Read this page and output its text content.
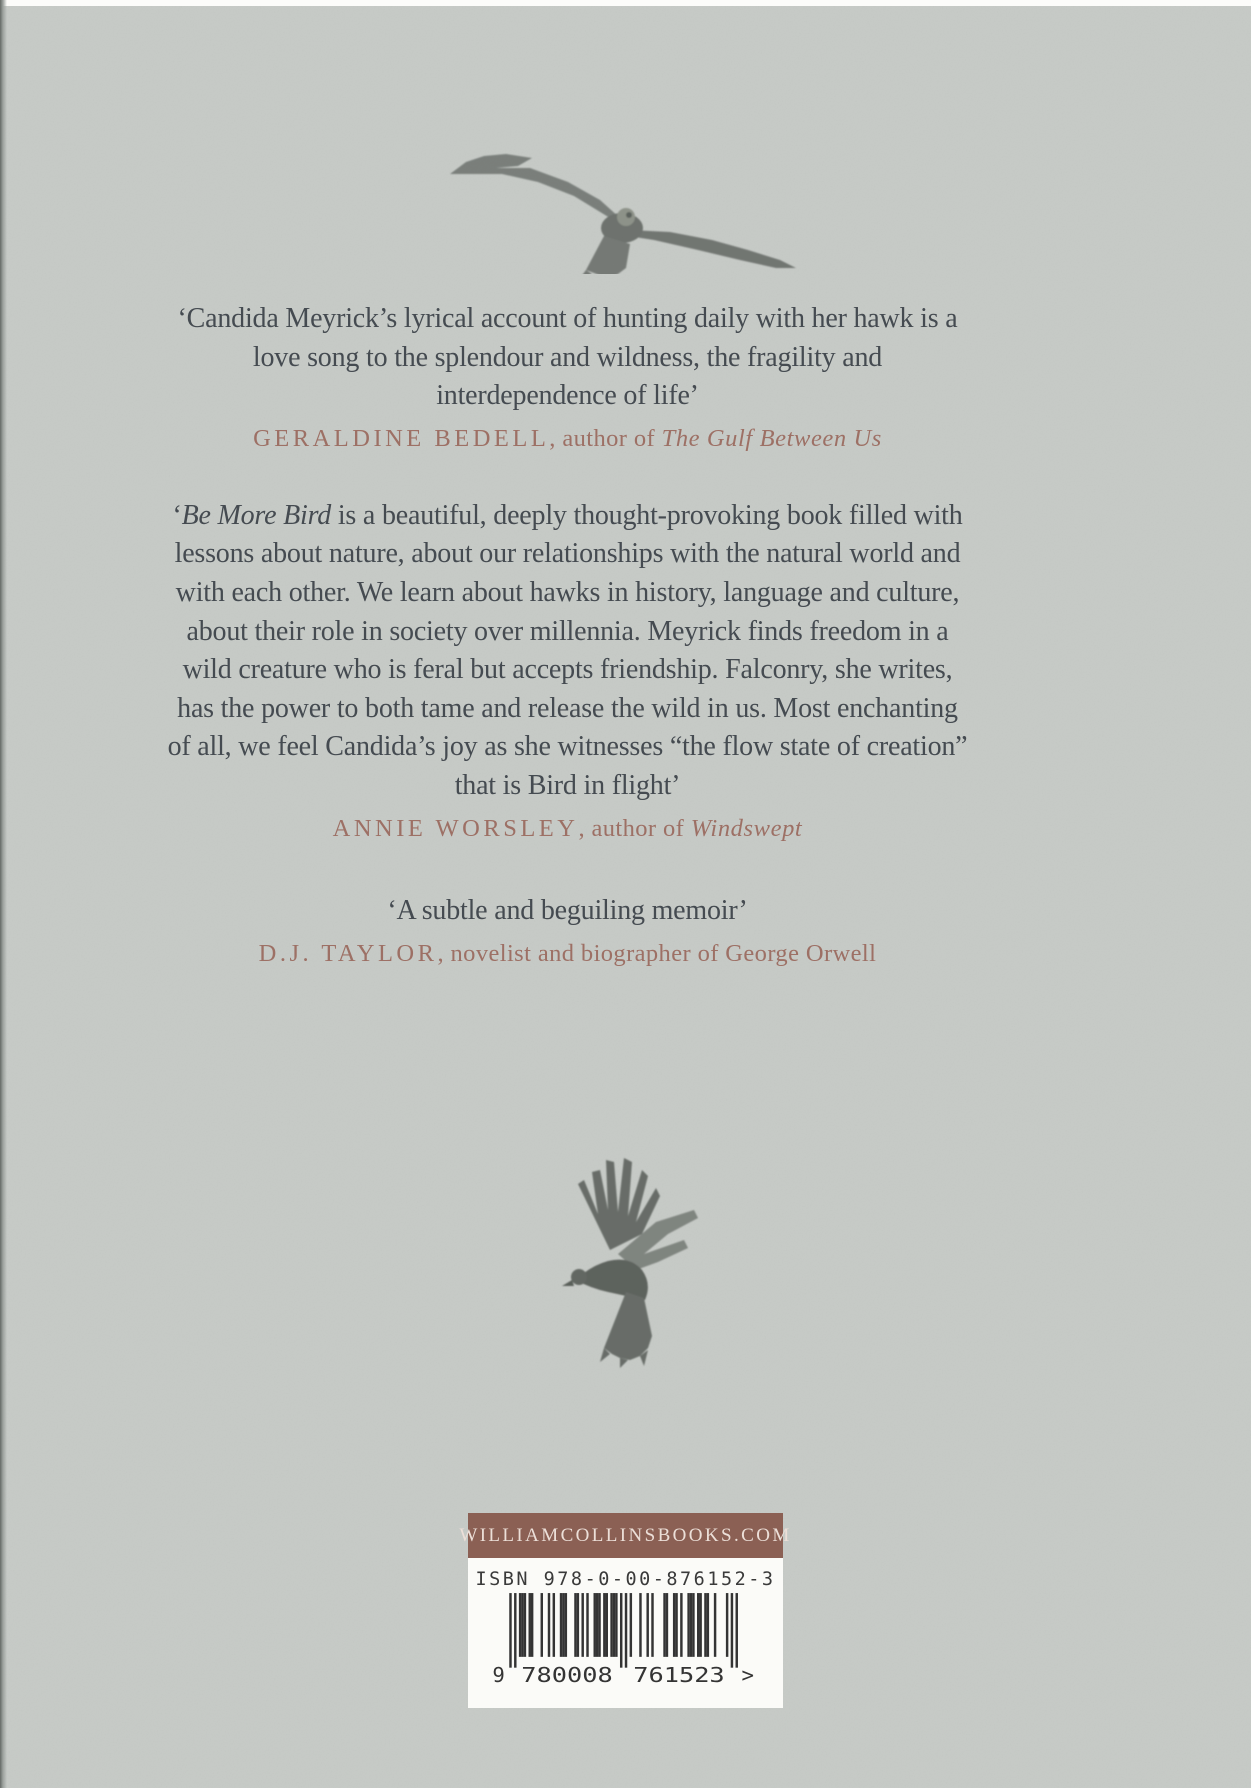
‘Candida Meyrick’s lyrical account of hunting daily with her hawk is a love song to the splendour and wildness, the fragility and interdependence of life’

GERALDINE BEDELL, author of The Gulf Between Us

‘Be More Bird is a beautiful, deeply thought-provoking book filled with lessons about nature, about our relationships with the natural world and with each other. We learn about hawks in history, language and culture, about their role in society over millennia. Meyrick finds freedom in a wild creature who is feral but accepts friendship. Falconry, she writes, has the power to both tame and release the wild in us. Most enchanting of all, we feel Candida’s joy as she witnesses “the flow state of creation” that is Bird in flight’

ANNIE WORSLEY, author of Windswept

‘A subtle and beguiling memoir’

D.J. TAYLOR, novelist and biographer of George Orwell

WILLIAMCOLLINSBOOKS.COM
ISBN 978-0-00-876152-3
9 780008 761523 >
